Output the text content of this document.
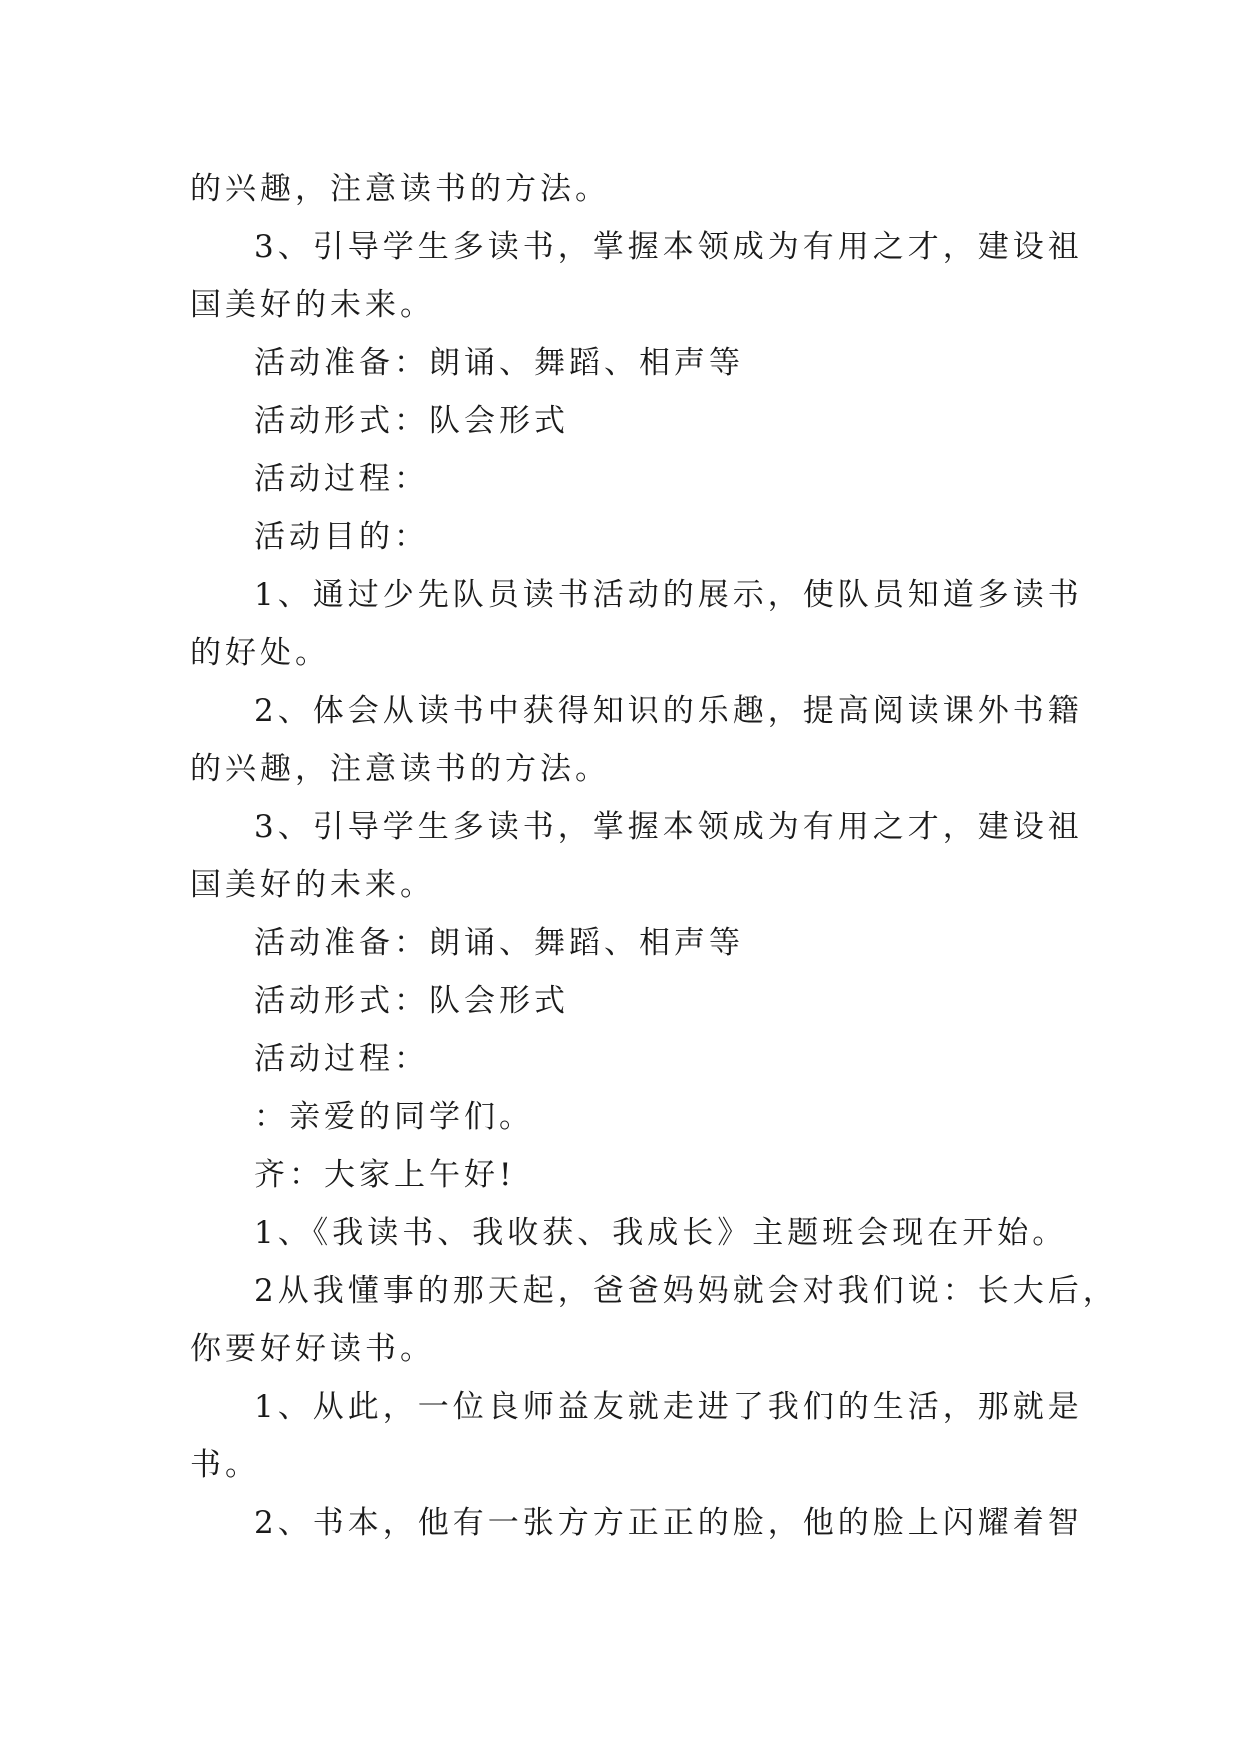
的兴趣，注意读书的方法。

3、引导学生多读书，掌握本领成为有用之才，建设祖

国美好的未来。

活动准备：朗诵、舞蹈、相声等

活动形式：队会形式

活动过程：

活动目的：

1、通过少先队员读书活动的展示，使队员知道多读书

的好处。

2、体会从读书中获得知识的乐趣，提高阅读课外书籍

的兴趣，注意读书的方法。

3、引导学生多读书，掌握本领成为有用之才，建设祖

国美好的未来。

活动准备：朗诵、舞蹈、相声等

活动形式：队会形式

活动过程：

：亲爱的同学们。

齐：大家上午好!

1、《我读书、我收获、我成长》主题班会现在开始。

2从我懂事的那天起，爸爸妈妈就会对我们说：长大后，

你要好好读书。

1、从此，一位良师益友就走进了我们的生活，那就是

书。

2、书本，他有一张方方正正的脸，他的脸上闪耀着智
